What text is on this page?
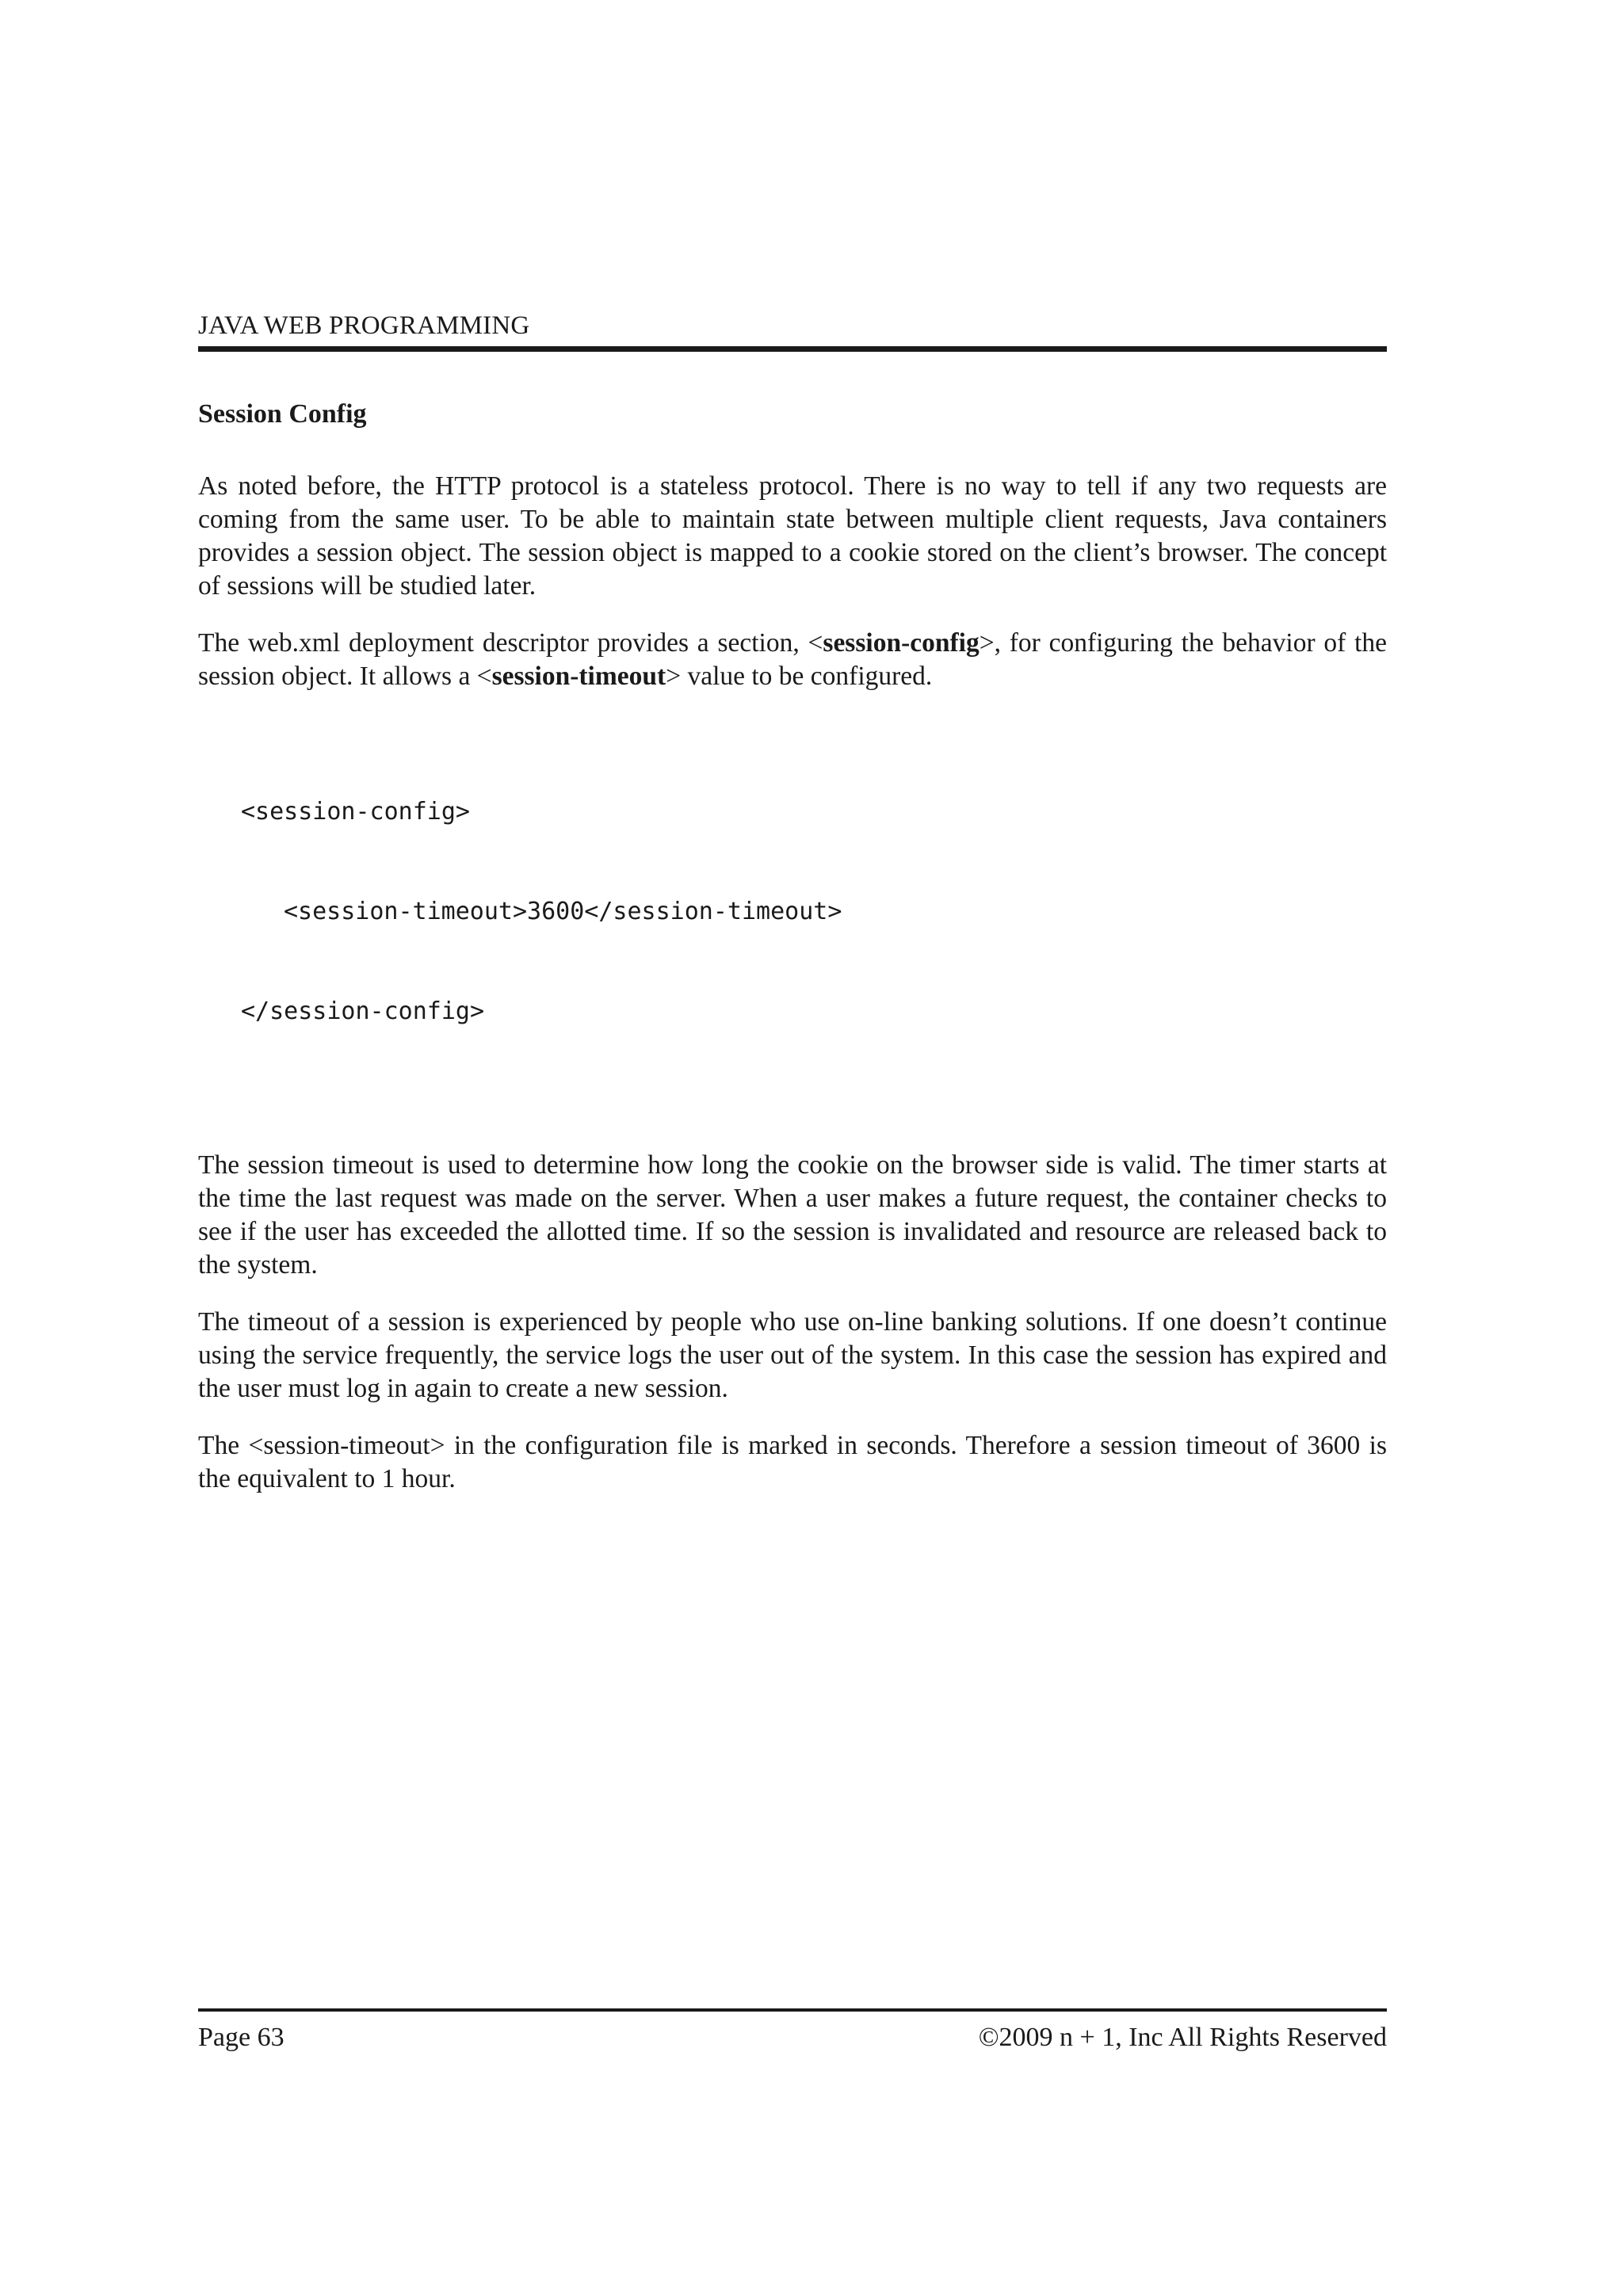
JAVA WEB PROGRAMMING
Session Config

As noted before, the HTTP protocol is a stateless protocol. There is no way to tell if any two requests are coming from the same user. To be able to maintain state between multiple client requests, Java containers provides a session object. The session object is mapped to a cookie stored on the client’s browser. The concept of sessions will be studied later.

The web.xml deployment descriptor provides a section, <session-config>, for configuring the behavior of the session object. It allows a <session-timeout> value to be configured.

<session-config>

<session-timeout>3600</session-timeout>

</session-config>

The session timeout is used to determine how long the cookie on the browser side is valid. The timer starts at the time the last request was made on the server. When a user makes a future request, the container checks to see if the user has exceeded the allotted time. If so the session is invalidated and resource are released back to the system.

The timeout of a session is experienced by people who use on-line banking solutions. If one doesn’t continue using the service frequently, the service logs the user out of the system. In this case the session has expired and the user must log in again to create a new session.

The <session-timeout> in the configuration file is marked in seconds. Therefore a session timeout of 3600 is the equivalent to 1 hour.

Page 63	©2009 n + 1, Inc All Rights Reserved
